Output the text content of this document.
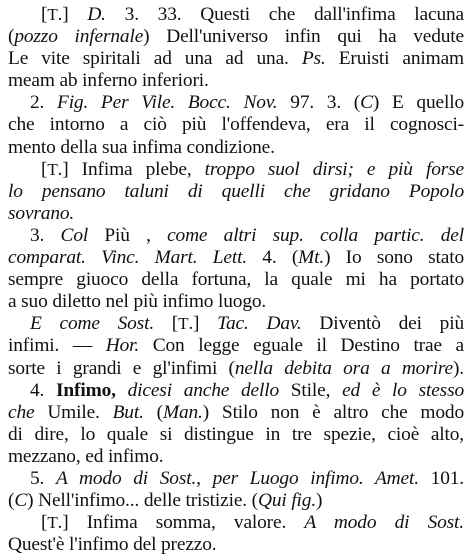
[T.] D. 3. 33. Questi che dall'infima lacuna
(pozzo infernale) Dell'universo infin qui ha vedute
Le vite spiritali ad una ad una. Ps. Eruisti animam
meam ab inferno inferiori.
2. Fig. Per Vile. Bocc. Nov. 97. 3. (C) E quello
che intorno a ciò più l'offendeva, era il cognosci-
mento della sua infima condizione.
[T.] Infima plebe, troppo suol dirsi; e più forse
lo pensano taluni di quelli che gridano Popolo
sovrano.
3. Col Più , come altri sup. colla partic. del
comparat. Vinc. Mart. Lett. 4. (Mt.) Io sono stato
sempre giuoco della fortuna, la quale mi ha portato
a suo diletto nel più infimo luogo.
E come Sost. [T.] Tac. Dav. Diventò dei più
infimi. — Hor. Con legge eguale il Destino trae a
sorte i grandi e gl'infimi (nella debita ora a morire).
4. Infimo, dicesi anche dello Stile, ed è lo stesso
che Umile. But. (Man.) Stilo non è altro che modo
di dire, lo quale si distingue in tre spezie, cioè alto,
mezzano, ed infimo.
5. A modo di Sost., per Luogo infimo. Amet. 101.
(C) Nell'infimo... delle tristizie. (Qui fig.)
[T.] Infima somma, valore. A modo di Sost.
Quest'è l'infimo del prezzo.
